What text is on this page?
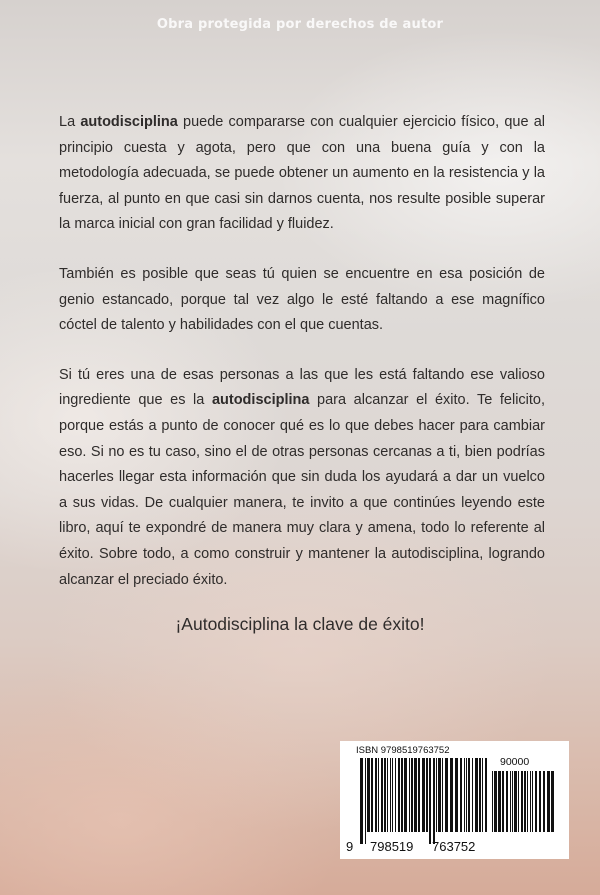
Obra protegida por derechos de autor

La autodisciplina puede compararse con cualquier ejercicio físico, que al principio cuesta y agota, pero que con una buena guía y con la metodología adecuada, se puede obtener un aumento en la resistencia y la fuerza, al punto en que casi sin darnos cuenta, nos resulte posible superar la marca inicial con gran facilidad y fluidez.

También es posible que seas tú quien se encuentre en esa posición de genio estancado, porque tal vez algo le esté faltando a ese magnífico cóctel de talento y habilidades con el que cuentas.

Si tú eres una de esas personas a las que les está faltando ese valioso ingrediente que es la autodisciplina para alcanzar el éxito. Te felicito, porque estás a punto de conocer qué es lo que debes hacer para cambiar eso. Si no es tu caso, sino el de otras personas cercanas a ti, bien podrías hacerles llegar esta información que sin duda los ayudará a dar un vuelco a sus vidas. De cualquier manera, te invito a que continúes leyendo este libro, aquí te expondré de manera muy clara y amena, todo lo referente al éxito. Sobre todo, a como construir y mantener la autodisciplina, logrando alcanzar el preciado éxito.

¡Autodisciplina la clave de éxito!
ISBN 9798519763752
90000
9 798519 763752
